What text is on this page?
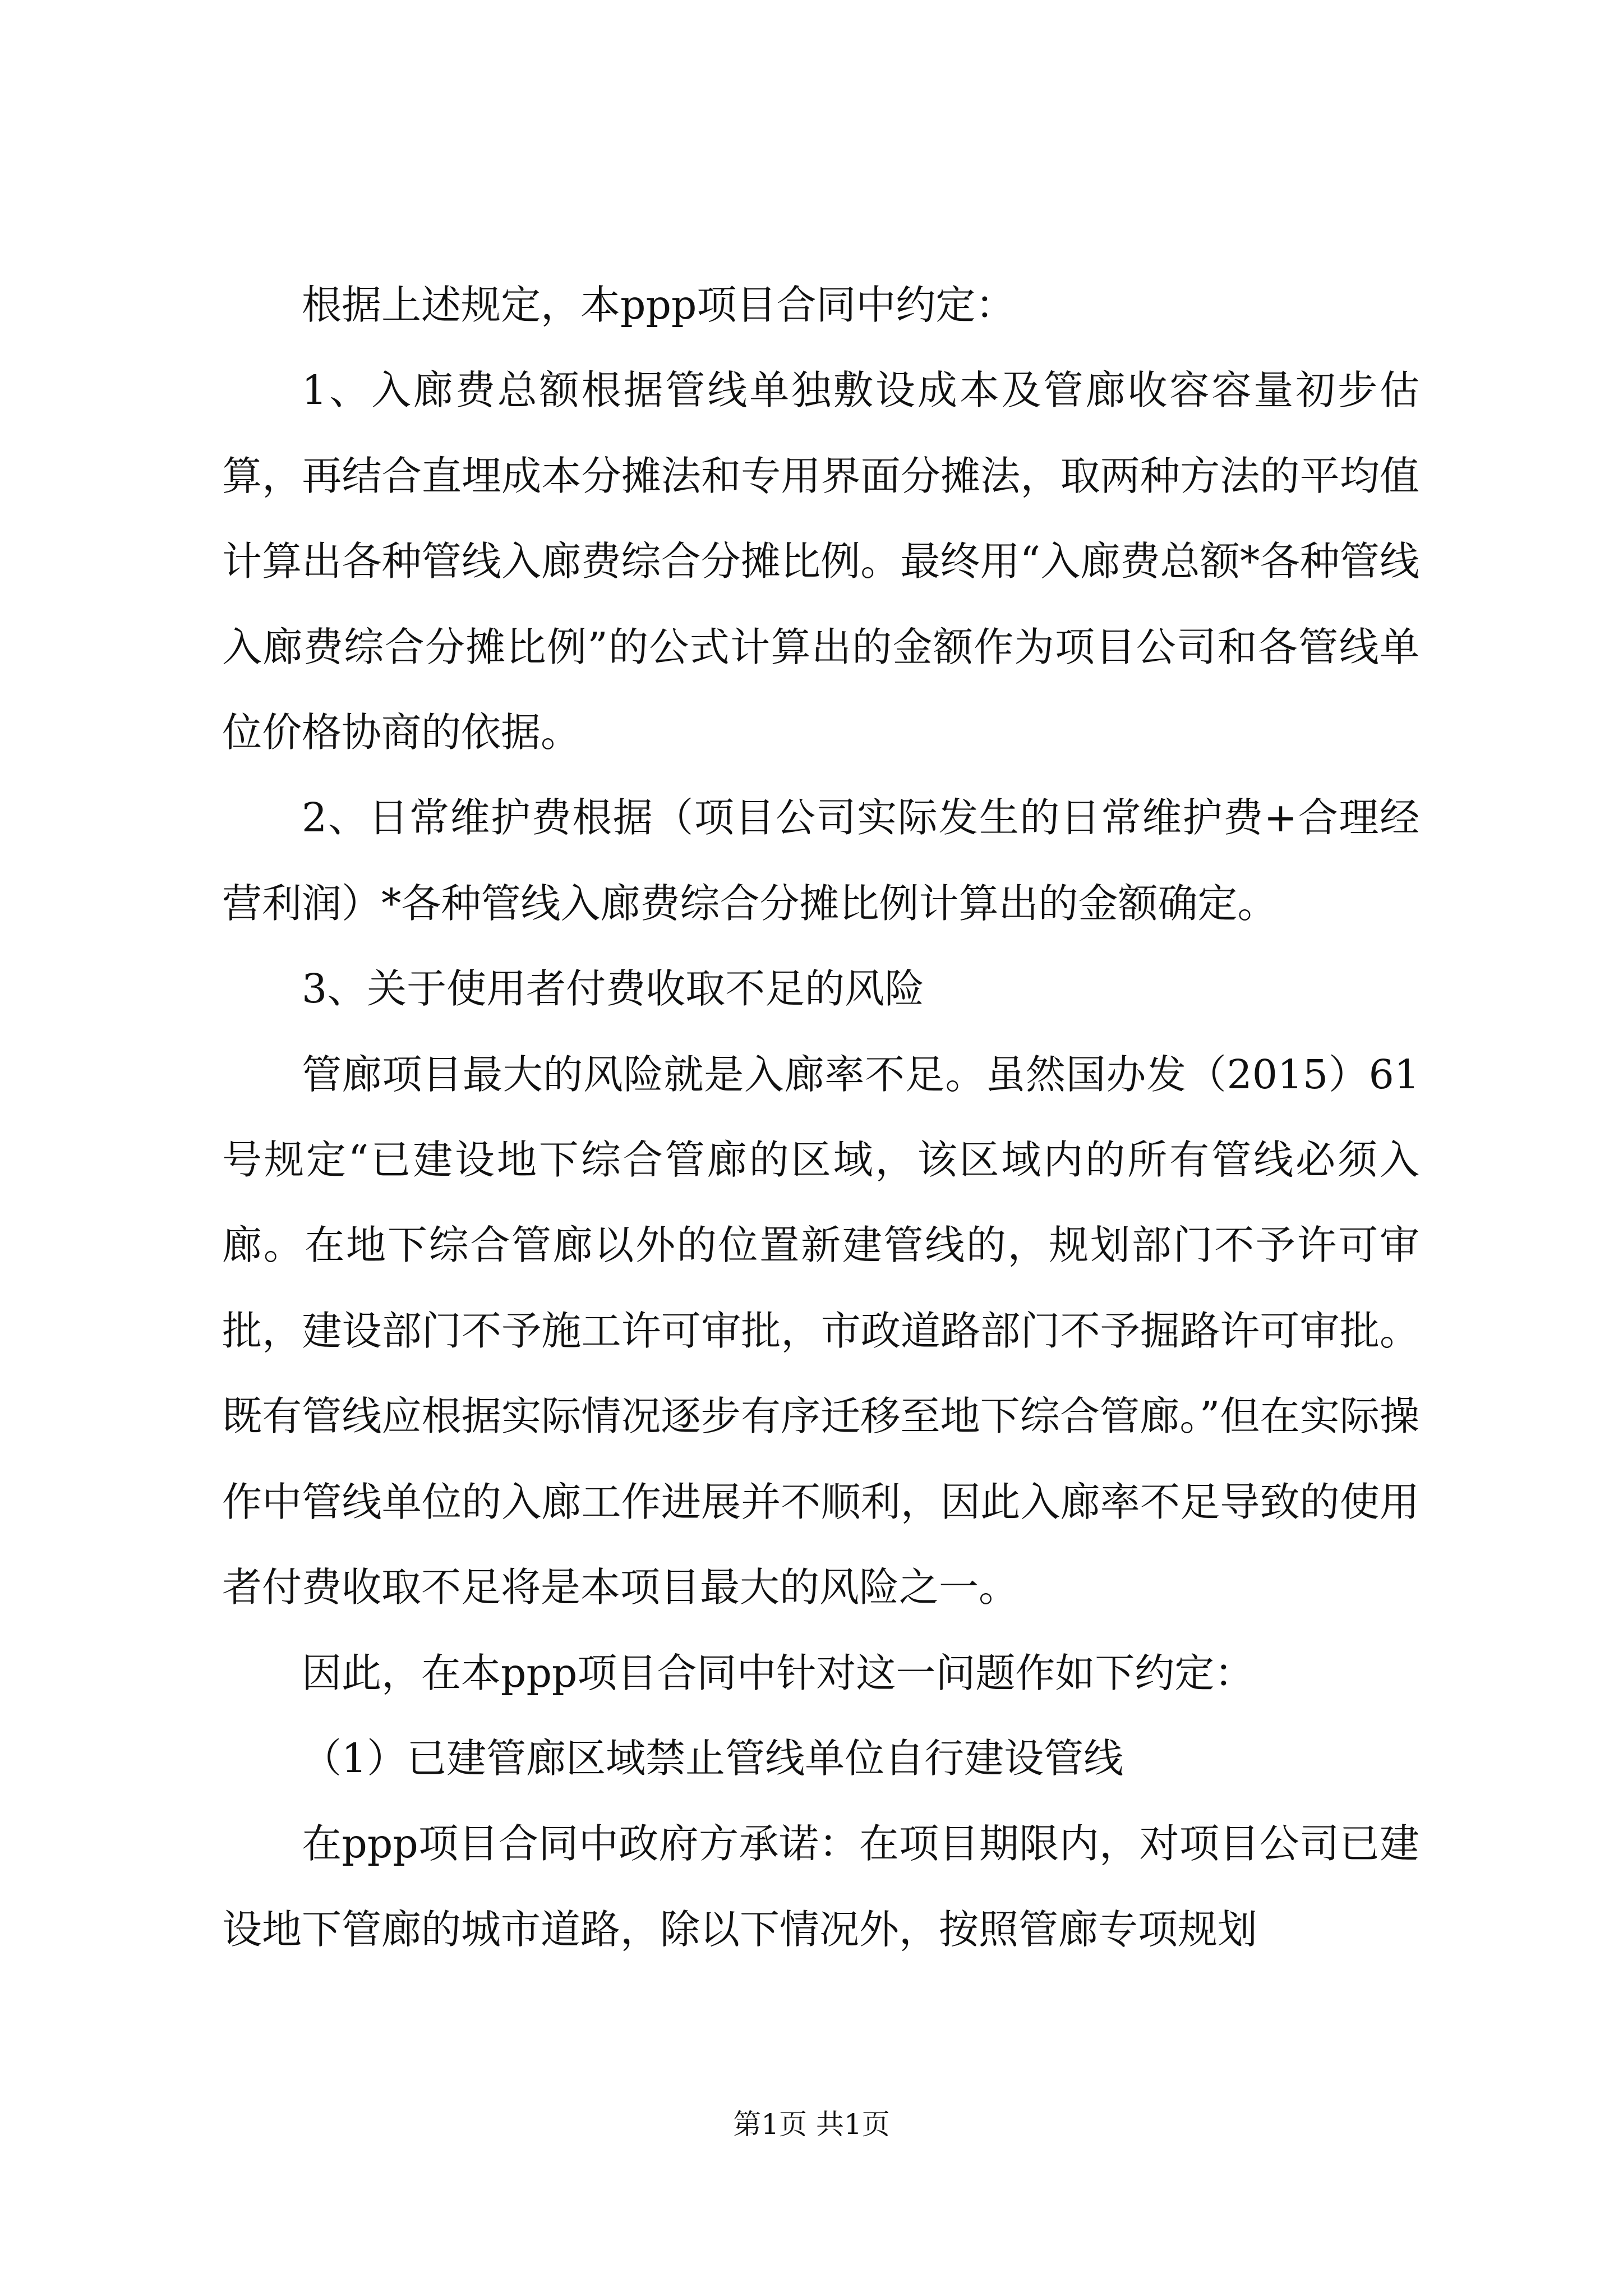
根据上述规定，本ppp项目合同中约定：

1、入廊费总额根据管线单独敷设成本及管廊收容容量初步估算，再结合直埋成本分摊法和专用界面分摊法，取两种方法的平均值计算出各种管线入廊费综合分摊比例。最终用“入廊费总额*各种管线入廊费综合分摊比例”的公式计算出的金额作为项目公司和各管线单位价格协商的依据。

2、日常维护费根据（项目公司实际发生的日常维护费+合理经营利润）*各种管线入廊费综合分摊比例计算出的金额确定。

3、关于使用者付费收取不足的风险

管廊项目最大的风险就是入廊率不足。虽然国办发（2015）61号规定“已建设地下综合管廊的区域，该区域内的所有管线必须入廊。在地下综合管廊以外的位置新建管线的，规划部门不予许可审批，建设部门不予施工许可审批，市政道路部门不予掘路许可审批。既有管线应根据实际情况逐步有序迁移至地下综合管廊。”但在实际操作中管线单位的入廊工作进展并不顺利，因此入廊率不足导致的使用者付费收取不足将是本项目最大的风险之一。

因此，在本ppp项目合同中针对这一问题作如下约定：

（1）已建管廊区域禁止管线单位自行建设管线

在ppp项目合同中政府方承诺：在项目期限内，对项目公司已建设地下管廊的城市道路，除以下情况外，按照管廊专项规划

第1页 共1页
